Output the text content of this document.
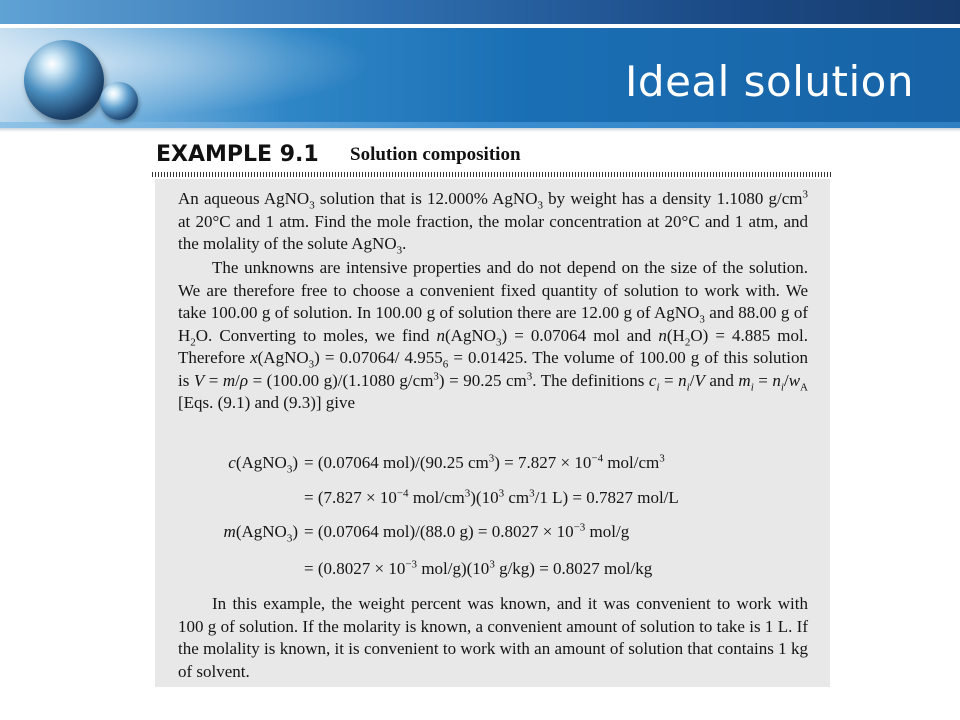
Ideal solution
EXAMPLE 9.1 Solution composition
An aqueous AgNO$_3$ solution that is 12.000% AgNO$_3$ by weight has a density 1.1080 $g/cm^3$ at 20°C and 1 atm. Find the mole fraction, the molar concentration at 20°C and 1 atm, and the molality of the solute AgNO$_3$.
The unknowns are intensive properties and do not depend on the size of the solution. We are therefore free to choose a convenient fixed quantity of solution to work with. We take 100.00 g of solution. In 100.00 g of solution there are 12.00 g of AgNO$_3$ and 88.00 g of $H_2O$. Converting to moles, we find n(AgNO$_3$) = 0.07064 mol and $n(H_2O) = 4.885$ mol. Therefore x(AgNO$_3$) = 0.07064/ $4.955_6 = 0.01425$. The volume of 100.00 g of this solution is V = m/ρ = (100.00 g)/(1.1080 $g/cm^3) = 90.25$ $cm^3$. The definitions $c_i = n_i/V$ and $m_i = n_i/w_A$ [Eqs. (9.1) and (9.3)] give
c(AgNO$_3$) = (0.07064 mol)/(90.25 $cm^3) = 7.827 \times 10^{-4}$ mol/$cm^3$
= ($7.827 \times 10^{-4}$ mol/$cm^3)(10^3$ $cm^3/1$ L) = 0.7827 mol/L
m(AgNO$_3$) = (0.07064 mol)/(88.0 $g) = 0.8027 \times 10^{-3}$ mol/g
= ($0.8027 \times 10^{-3}$ mol/$g)(10^3$ g/kg) = 0.8027 mol/kg
In this example, the weight percent was known, and it was convenient to work with 100 g of solution. If the molarity is known, a convenient amount of solution to take is 1 L. If the molality is known, it is convenient to work with an amount of solution that contains 1 kg of solvent.
